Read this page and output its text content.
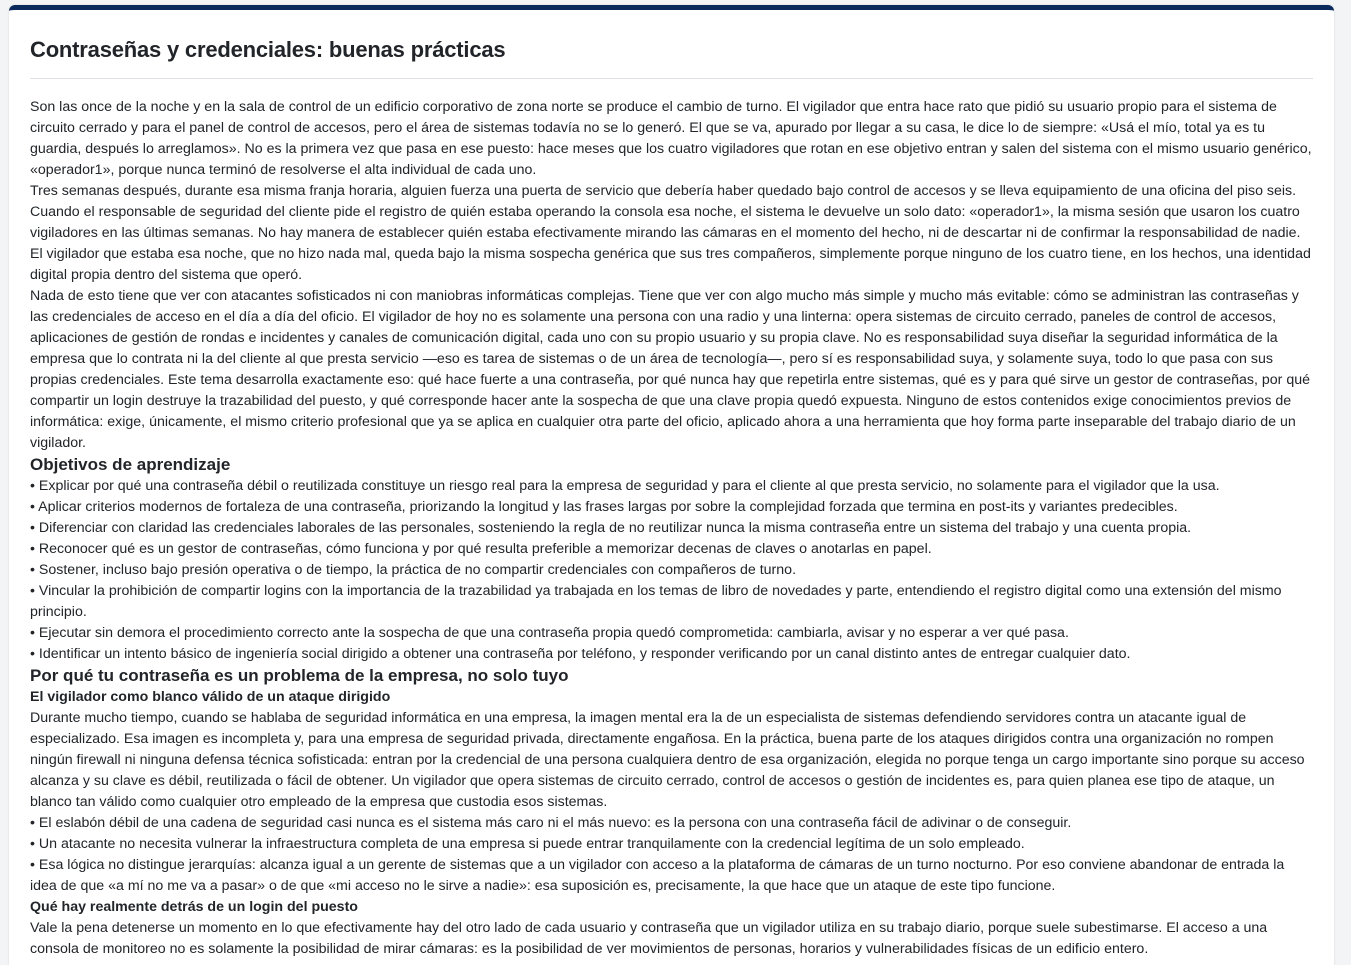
Contraseñas y credenciales: buenas prácticas

Son las once de la noche y en la sala de control de un edificio corporativo de zona norte se produce el cambio de turno. El vigilador que entra hace rato que pidió su usuario propio para el sistema de circuito cerrado y para el panel de control de accesos, pero el área de sistemas todavía no se lo generó. El que se va, apurado por llegar a su casa, le dice lo de siempre: «Usá el mío, total ya es tu guardia, después lo arreglamos». No es la primera vez que pasa en ese puesto: hace meses que los cuatro vigiladores que rotan en ese objetivo entran y salen del sistema con el mismo usuario genérico, «operador1», porque nunca terminó de resolverse el alta individual de cada uno.

Tres semanas después, durante esa misma franja horaria, alguien fuerza una puerta de servicio que debería haber quedado bajo control de accesos y se lleva equipamiento de una oficina del piso seis. Cuando el responsable de seguridad del cliente pide el registro de quién estaba operando la consola esa noche, el sistema le devuelve un solo dato: «operador1», la misma sesión que usaron los cuatro vigiladores en las últimas semanas. No hay manera de establecer quién estaba efectivamente mirando las cámaras en el momento del hecho, ni de descartar ni de confirmar la responsabilidad de nadie. El vigilador que estaba esa noche, que no hizo nada mal, queda bajo la misma sospecha genérica que sus tres compañeros, simplemente porque ninguno de los cuatro tiene, en los hechos, una identidad digital propia dentro del sistema que operó.

Nada de esto tiene que ver con atacantes sofisticados ni con maniobras informáticas complejas. Tiene que ver con algo mucho más simple y mucho más evitable: cómo se administran las contraseñas y las credenciales de acceso en el día a día del oficio. El vigilador de hoy no es solamente una persona con una radio y una linterna: opera sistemas de circuito cerrado, paneles de control de accesos, aplicaciones de gestión de rondas e incidentes y canales de comunicación digital, cada uno con su propio usuario y su propia clave. No es responsabilidad suya diseñar la seguridad informática de la empresa que lo contrata ni la del cliente al que presta servicio —eso es tarea de sistemas o de un área de tecnología—, pero sí es responsabilidad suya, y solamente suya, todo lo que pasa con sus propias credenciales. Este tema desarrolla exactamente eso: qué hace fuerte a una contraseña, por qué nunca hay que repetirla entre sistemas, qué es y para qué sirve un gestor de contraseñas, por qué compartir un login destruye la trazabilidad del puesto, y qué corresponde hacer ante la sospecha de que una clave propia quedó expuesta. Ninguno de estos contenidos exige conocimientos previos de informática: exige, únicamente, el mismo criterio profesional que ya se aplica en cualquier otra parte del oficio, aplicado ahora a una herramienta que hoy forma parte inseparable del trabajo diario de un vigilador.

Objetivos de aprendizaje
• Explicar por qué una contraseña débil o reutilizada constituye un riesgo real para la empresa de seguridad y para el cliente al que presta servicio, no solamente para el vigilador que la usa.
• Aplicar criterios modernos de fortaleza de una contraseña, priorizando la longitud y las frases largas por sobre la complejidad forzada que termina en post-its y variantes predecibles.
• Diferenciar con claridad las credenciales laborales de las personales, sosteniendo la regla de no reutilizar nunca la misma contraseña entre un sistema del trabajo y una cuenta propia.
• Reconocer qué es un gestor de contraseñas, cómo funciona y por qué resulta preferible a memorizar decenas de claves o anotarlas en papel.
• Sostener, incluso bajo presión operativa o de tiempo, la práctica de no compartir credenciales con compañeros de turno.
• Vincular la prohibición de compartir logins con la importancia de la trazabilidad ya trabajada en los temas de libro de novedades y parte, entendiendo el registro digital como una extensión del mismo principio.
• Ejecutar sin demora el procedimiento correcto ante la sospecha de que una contraseña propia quedó comprometida: cambiarla, avisar y no esperar a ver qué pasa.
• Identificar un intento básico de ingeniería social dirigido a obtener una contraseña por teléfono, y responder verificando por un canal distinto antes de entregar cualquier dato.
Por qué tu contraseña es un problema de la empresa, no solo tuyo
El vigilador como blanco válido de un ataque dirigido

Durante mucho tiempo, cuando se hablaba de seguridad informática en una empresa, la imagen mental era la de un especialista de sistemas defendiendo servidores contra un atacante igual de especializado. Esa imagen es incompleta y, para una empresa de seguridad privada, directamente engañosa. En la práctica, buena parte de los ataques dirigidos contra una organización no rompen ningún firewall ni ninguna defensa técnica sofisticada: entran por la credencial de una persona cualquiera dentro de esa organización, elegida no porque tenga un cargo importante sino porque su acceso alcanza y su clave es débil, reutilizada o fácil de obtener. Un vigilador que opera sistemas de circuito cerrado, control de accesos o gestión de incidentes es, para quien planea ese tipo de ataque, un blanco tan válido como cualquier otro empleado de la empresa que custodia esos sistemas.

• El eslabón débil de una cadena de seguridad casi nunca es el sistema más caro ni el más nuevo: es la persona con una contraseña fácil de adivinar o de conseguir.
• Un atacante no necesita vulnerar la infraestructura completa de una empresa si puede entrar tranquilamente con la credencial legítima de un solo empleado.
• Esa lógica no distingue jerarquías: alcanza igual a un gerente de sistemas que a un vigilador con acceso a la plataforma de cámaras de un turno nocturno. Por eso conviene abandonar de entrada la idea de que «a mí no me va a pasar» o de que «mi acceso no le sirve a nadie»: esa suposición es, precisamente, la que hace que un ataque de este tipo funcione.
Qué hay realmente detrás de un login del puesto

Vale la pena detenerse un momento en lo que efectivamente hay del otro lado de cada usuario y contraseña que un vigilador utiliza en su trabajo diario, porque suele subestimarse. El acceso a una consola de monitoreo no es solamente la posibilidad de mirar cámaras: es la posibilidad de ver movimientos de personas, horarios y vulnerabilidades físicas de un edificio entero.
